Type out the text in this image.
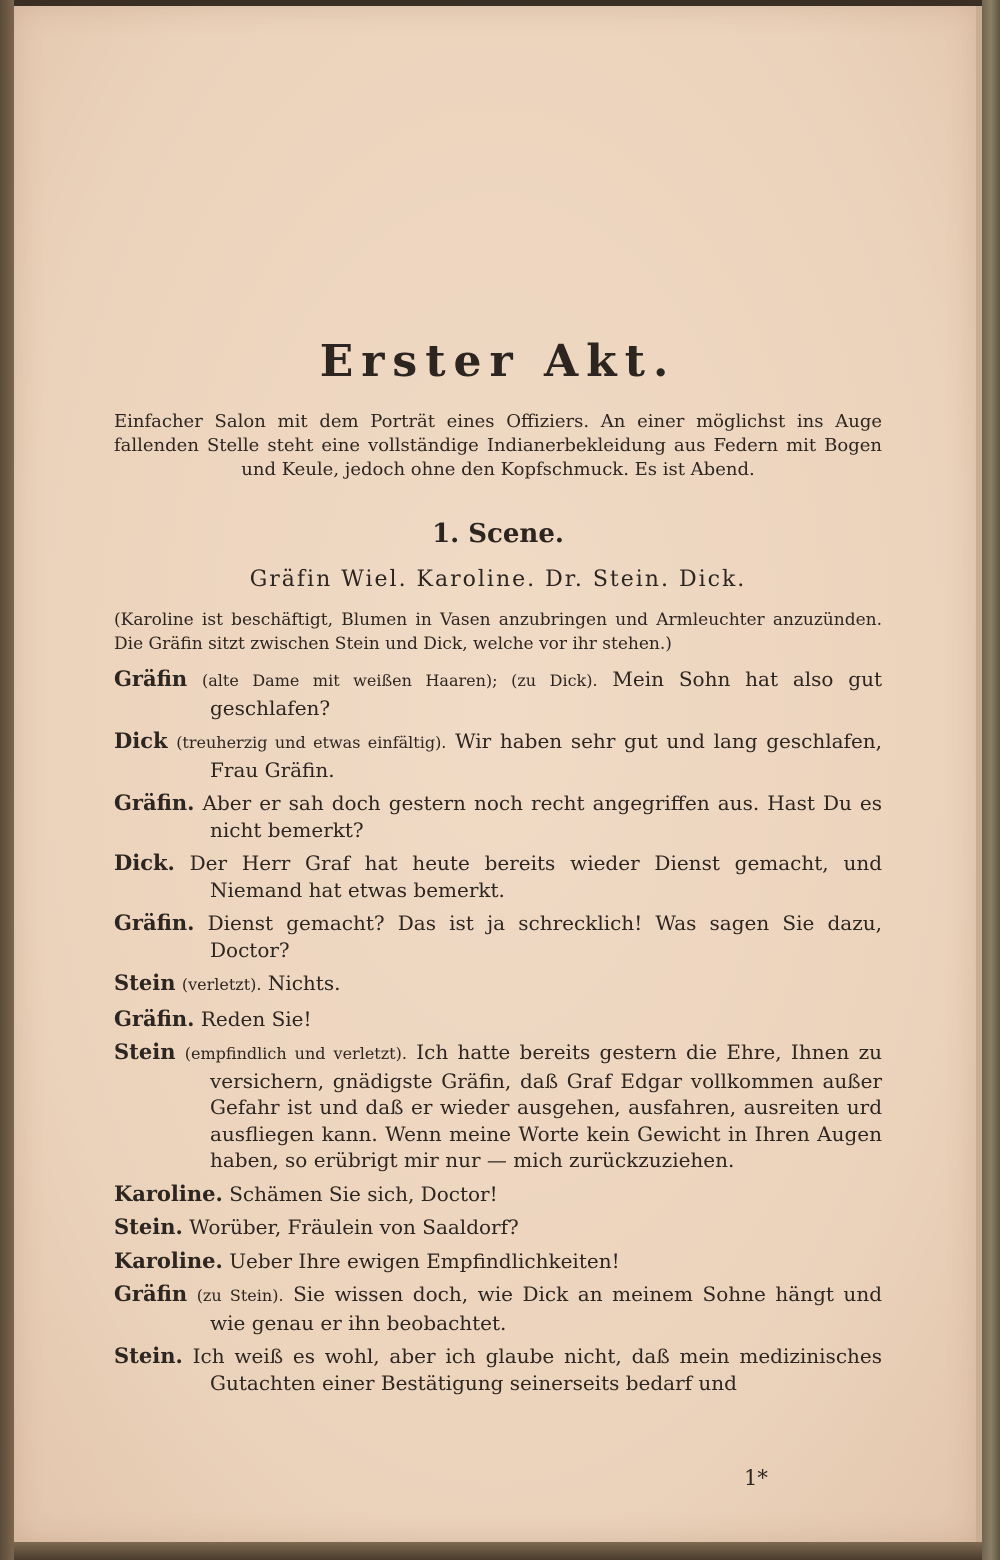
Erster Akt.
Einfacher Salon mit dem Porträt eines Offiziers. An einer möglichst ins Auge fallenden Stelle steht eine vollständige Indianerbekleidung aus Federn mit Bogen und Keule, jedoch ohne den Kopfschmuck. Es ist Abend.
1. Scene.
Gräfin Wiel. Karoline. Dr. Stein. Dick.
(Karoline ist beschäftigt, Blumen in Vasen anzubringen und Armleuchter anzuzünden. Die Gräfin sitzt zwischen Stein und Dick, welche vor ihr stehen.)
Gräfin (alte Dame mit weißen Haaren); (zu Dick). Mein Sohn hat also gut geschlafen?
Dick (treuherzig und etwas einfältig). Wir haben sehr gut und lang geschlafen, Frau Gräfin.
Gräfin. Aber er sah doch gestern noch recht angegriffen aus. Hast Du es nicht bemerkt?
Dick. Der Herr Graf hat heute bereits wieder Dienst gemacht, und Niemand hat etwas bemerkt.
Gräfin. Dienst gemacht? Das ist ja schrecklich! Was sagen Sie dazu, Doctor?
Stein (verletzt). Nichts.
Gräfin. Reden Sie!
Stein (empfindlich und verletzt). Ich hatte bereits gestern die Ehre, Ihnen zu versichern, gnädigste Gräfin, daß Graf Edgar vollkommen außer Gefahr ist und daß er wieder ausgehen, ausfahren, ausreiten urd ausfliegen kann. Wenn meine Worte kein Gewicht in Ihren Augen haben, so erübrigt mir nur — mich zurückzuziehen.
Karoline. Schämen Sie sich, Doctor!
Stein. Worüber, Fräulein von Saaldorf?
Karoline. Ueber Ihre ewigen Empfindlichkeiten!
Gräfin (zu Stein). Sie wissen doch, wie Dick an meinem Sohne hängt und wie genau er ihn beobachtet.
Stein. Ich weiß es wohl, aber ich glaube nicht, daß mein medizinisches Gutachten einer Bestätigung seinerseits bedarf und
1*
